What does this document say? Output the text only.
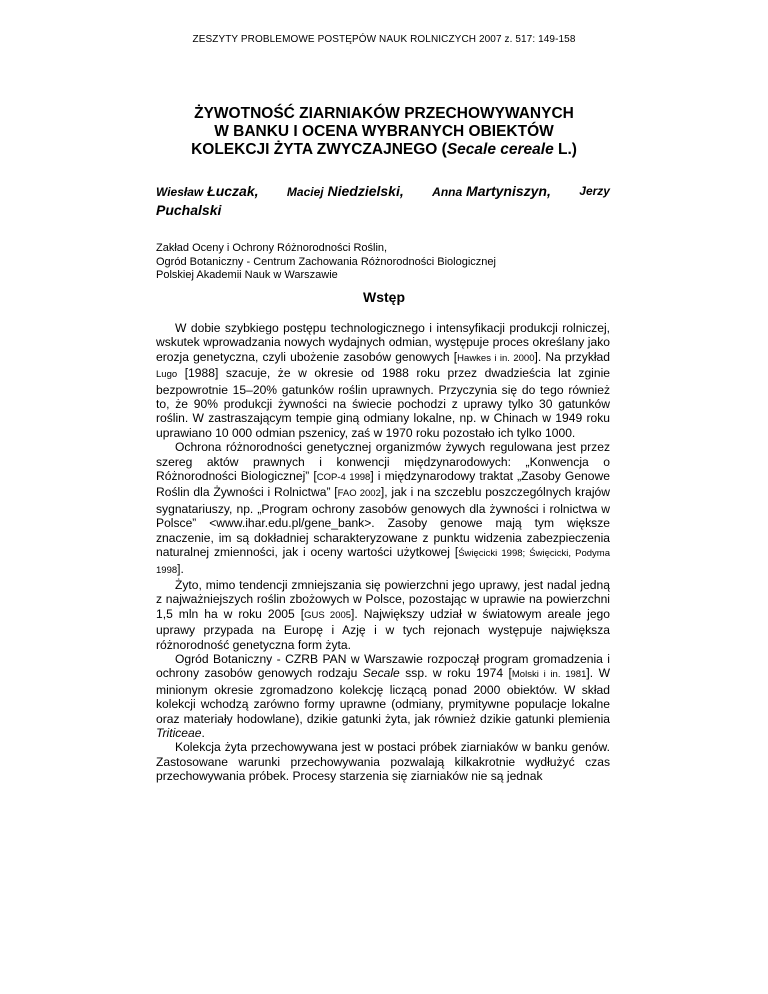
ZESZYTY PROBLEMOWE POSTĘPÓW NAUK ROLNICZYCH 2007 z. 517: 149-158
ŻYWOTNOŚĆ ZIARNIAKÓW PRZECHOWYWANYCH
W BANKU I OCENA WYBRANYCH OBIEKTÓW
KOLEKCJI ŻYTA ZWYCZAJNEGO (Secale cereale L.)
Wiesław Łuczak, Maciej Niedzielski, Anna Martyniszyn, Jerzy
Puchalski
Zakład Oceny i Ochrony Różnorodności Roślin,
Ogród Botaniczny - Centrum Zachowania Różnorodności Biologicznej
Polskiej Akademii Nauk w Warszawie
Wstęp

W dobie szybkiego postępu technologicznego i intensyfikacji produkcji rolniczej, wskutek wprowadzania nowych wydajnych odmian, występuje proces określany jako erozja genetyczna, czyli ubożenie zasobów genowych [Hawkes i in. 2000]. Na przykład Lugo [1988] szacuje, że w okresie od 1988 roku przez dwadzieścia lat zginie bezpowrotnie 15–20% gatunków roślin uprawnych. Przyczynia się do tego również to, że 90% produkcji żywności na świecie pochodzi z uprawy tylko 30 gatunków roślin. W zastraszającym tempie giną odmiany lokalne, np. w Chinach w 1949 roku uprawiano 10 000 odmian pszenicy, zaś w 1970 roku pozostało ich tylko 1000.

Ochrona różnorodności genetycznej organizmów żywych regulowana jest przez szereg aktów prawnych i konwencji międzynarodowych: „Konwencja o Różnorodności Biologicznej” [COP-4 1998] i międzynarodowy traktat „Zasoby Genowe Roślin dla Żywności i Rolnictwa” [FAO 2002], jak i na szczeblu poszczególnych krajów sygnatariuszy, np. „Program ochrony zasobów genowych dla żywności i rolnictwa w Polsce” <www.ihar.edu.pl/gene_bank>. Zasoby genowe mają tym większe znaczenie, im są dokładniej scharakteryzowane z punktu widzenia zabezpieczenia naturalnej zmienności, jak i oceny wartości użytkowej [Święcicki 1998; Święcicki, Podyma 1998].

Żyto, mimo tendencji zmniejszania się powierzchni jego uprawy, jest nadal jedną z najważniejszych roślin zbożowych w Polsce, pozostając w uprawie na powierzchni 1,5 mln ha w roku 2005 [GUS 2005]. Największy udział w światowym areale jego uprawy przypada na Europę i Azję i w tych rejonach występuje największa różnorodność genetyczna form żyta.

Ogród Botaniczny - CZRB PAN w Warszawie rozpoczął program gromadzenia i ochrony zasobów genowych rodzaju Secale ssp. w roku 1974 [Molski i in. 1981]. W minionym okresie zgromadzono kolekcję liczącą ponad 2000 obiektów. W skład kolekcji wchodzą zarówno formy uprawne (odmiany, prymitywne populacje lokalne oraz materiały hodowlane), dzikie gatunki żyta, jak również dzikie gatunki plemienia Triticeae.

Kolekcja żyta przechowywana jest w postaci próbek ziarniaków w banku genów. Zastosowane warunki przechowywania pozwalają kilkakrotnie wydłużyć czas przechowywania próbek. Procesy starzenia się ziarniaków nie są jednak
